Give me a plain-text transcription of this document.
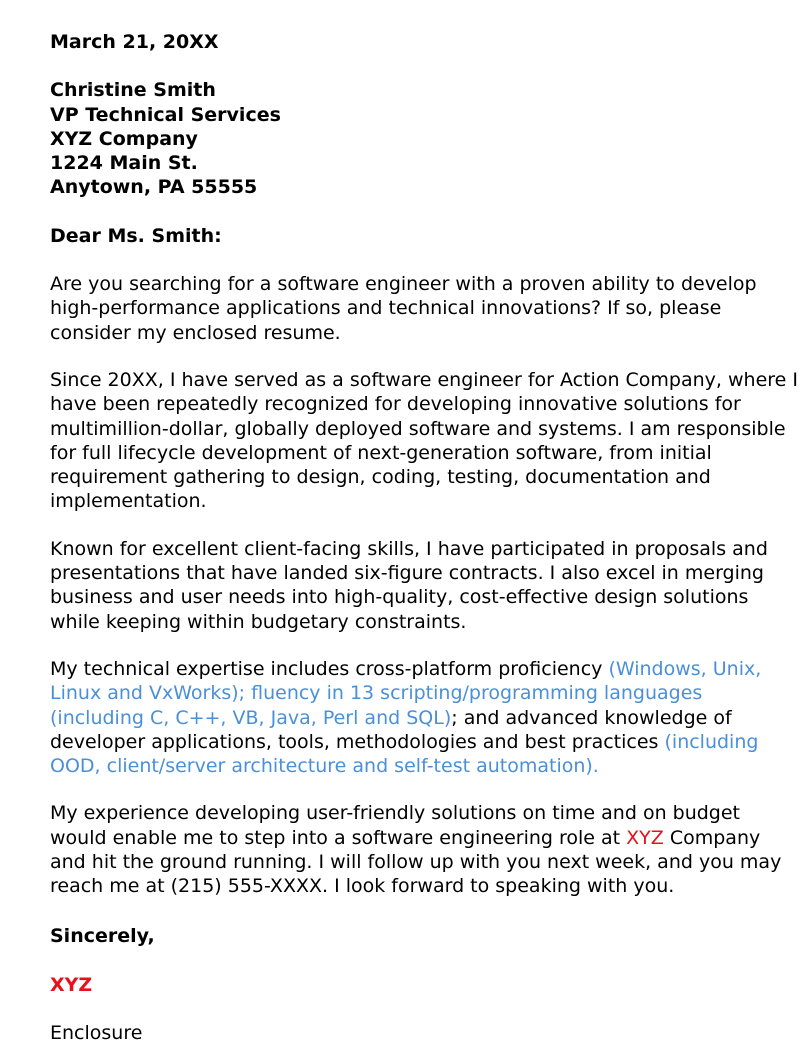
March 21, 20XX
Christine Smith
VP Technical Services
XYZ Company
1224 Main St.
Anytown, PA 55555
Dear Ms. Smith:
Are you searching for a software engineer with a proven ability to develop
high-performance applications and technical innovations? If so, please
consider my enclosed resume.
Since 20XX, I have served as a software engineer for Action Company, where I
have been repeatedly recognized for developing innovative solutions for
multimillion-dollar, globally deployed software and systems. I am responsible
for full lifecycle development of next-generation software, from initial
requirement gathering to design, coding, testing, documentation and
implementation.
Known for excellent client-facing skills, I have participated in proposals and
presentations that have landed six-figure contracts. I also excel in merging
business and user needs into high-quality, cost-effective design solutions
while keeping within budgetary constraints.
My technical expertise includes cross-platform proficiency (Windows, Unix,
Linux and VxWorks); fluency in 13 scripting/programming languages
(including C, C++, VB, Java, Perl and SQL); and advanced knowledge of
developer applications, tools, methodologies and best practices (including
OOD, client/server architecture and self-test automation).
My experience developing user-friendly solutions on time and on budget
would enable me to step into a software engineering role at XYZ Company
and hit the ground running. I will follow up with you next week, and you may
reach me at (215) 555-XXXX. I look forward to speaking with you.
Sincerely,
XYZ
Enclosure
